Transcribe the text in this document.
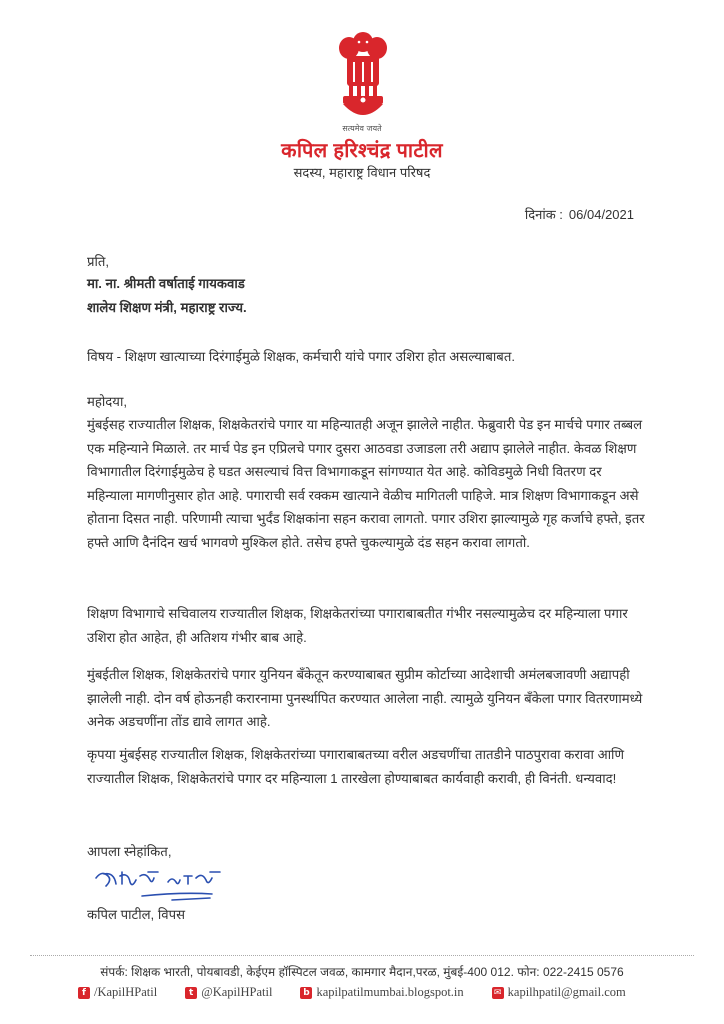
सत्यमेव जयते
कपिल हरिश्चंद्र पाटील
सदस्य, महाराष्ट्र विधान परिषद
दिनांक : 06/04/2021
प्रति,
मा. ना. श्रीमती वर्षाताई गायकवाड
शालेय शिक्षण मंत्री, महाराष्ट्र राज्य.
विषय - शिक्षण खात्याच्या दिरंगाईमुळे शिक्षक, कर्मचारी यांचे पगार उशिरा होत असल्याबाबत.
महोदया,
मुंबईसह राज्यातील शिक्षक, शिक्षकेतरांचे पगार या महिन्यातही अजून झालेले नाहीत. फेब्रुवारी पेड इन मार्चचे पगार तब्बल एक महिन्याने मिळाले. तर मार्च पेड इन एप्रिलचे पगार दुसरा आठवडा उजाडला तरी अद्याप झालेले नाहीत. केवळ शिक्षण विभागातील दिरंगाईमुळेच हे घडत असल्याचं वित्त विभागाकडून सांगण्यात येत आहे. कोविडमुळे निधी वितरण दर महिन्याला मागणीनुसार होत आहे. पगाराची सर्व रक्कम खात्याने वेळीच मागितली पाहिजे. मात्र शिक्षण विभागाकडून असे होताना दिसत नाही. परिणामी त्याचा भुर्दंड शिक्षकांना सहन करावा लागतो. पगार उशिरा झाल्यामुळे गृह कर्जाचे हफ्ते, इतर हफ्ते आणि दैनंदिन खर्च भागवणे मुश्किल होते. तसेच हफ्ते चुकल्यामुळे दंड सहन करावा लागतो.
शिक्षण विभागाचे सचिवालय राज्यातील शिक्षक, शिक्षकेतरांच्या पगाराबाबतीत गंभीर नसल्यामुळेच दर महिन्याला पगार उशिरा होत आहेत, ही अतिशय गंभीर बाब आहे.
मुंबईतील शिक्षक, शिक्षकेतरांचे पगार युनियन बँकेतून करण्याबाबत सुप्रीम कोर्टाच्या आदेशाची अमंलबजावणी अद्यापही झालेली नाही. दोन वर्ष होऊनही करारनामा पुनर्स्थापित करण्यात आलेला नाही. त्यामुळे युनियन बँकेला पगार वितरणामध्ये अनेक अडचणींना तोंड द्यावे लागत आहे.
कृपया मुंबईसह राज्यातील शिक्षक, शिक्षकेतरांच्या पगाराबाबतच्या वरील अडचणींचा तातडीने पाठपुरावा करावा आणि राज्यातील शिक्षक, शिक्षकेतरांचे पगार दर महिन्याला 1 तारखेला होण्याबाबत कार्यवाही करावी, ही विनंती. धन्यवाद!
आपला स्नेहांकित,
कपिल पाटील, विपस
संपर्क: शिक्षक भारती, पोयबावडी, केईएम हॉस्पिटल जवळ, कामगार मैदान,परळ, मुंबई-400 012. फोन: 022-2415 0576
f /KapilHPatil	t @KapilHPatil	b kapilpatilmumbai.blogspot.in	✉ kapilhpatil@gmail.com
